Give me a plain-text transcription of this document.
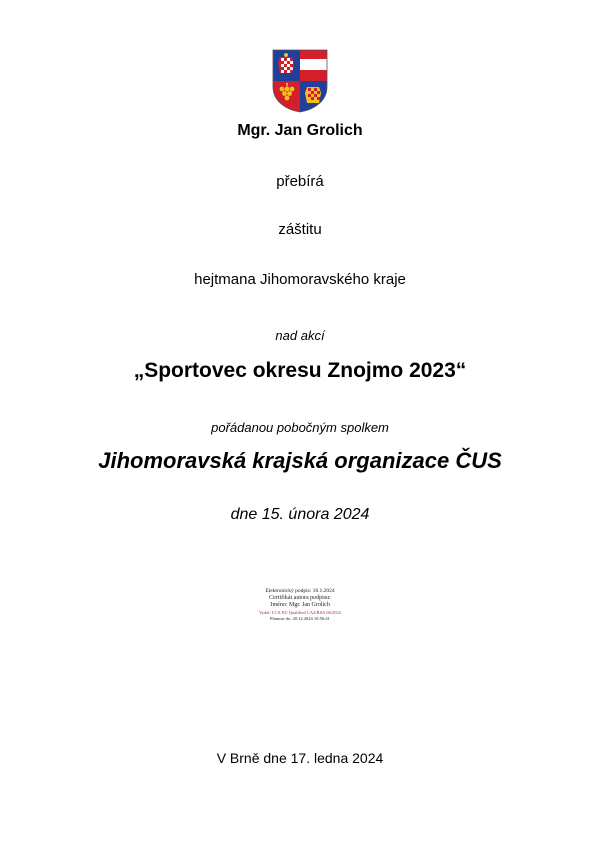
Mgr. Jan Grolich
přebírá
záštitu
hejtmana Jihomoravského kraje
nad akcí
„Sportovec okresu Znojmo 2023“
pořádanou pobočným spolkem
Jihomoravská krajská organizace ČUS
dne 15. února 2024
Elektronický podpis: 18.1.2024
Certifikát autora podpisu:
Jméno: Mgr. Jan Grolich
Vydal: I.CA EU Qualified CA2/RSA 06/2022
Platnost do: 20.12.2024 10:56:41
V Brně dne 17. ledna 2024
